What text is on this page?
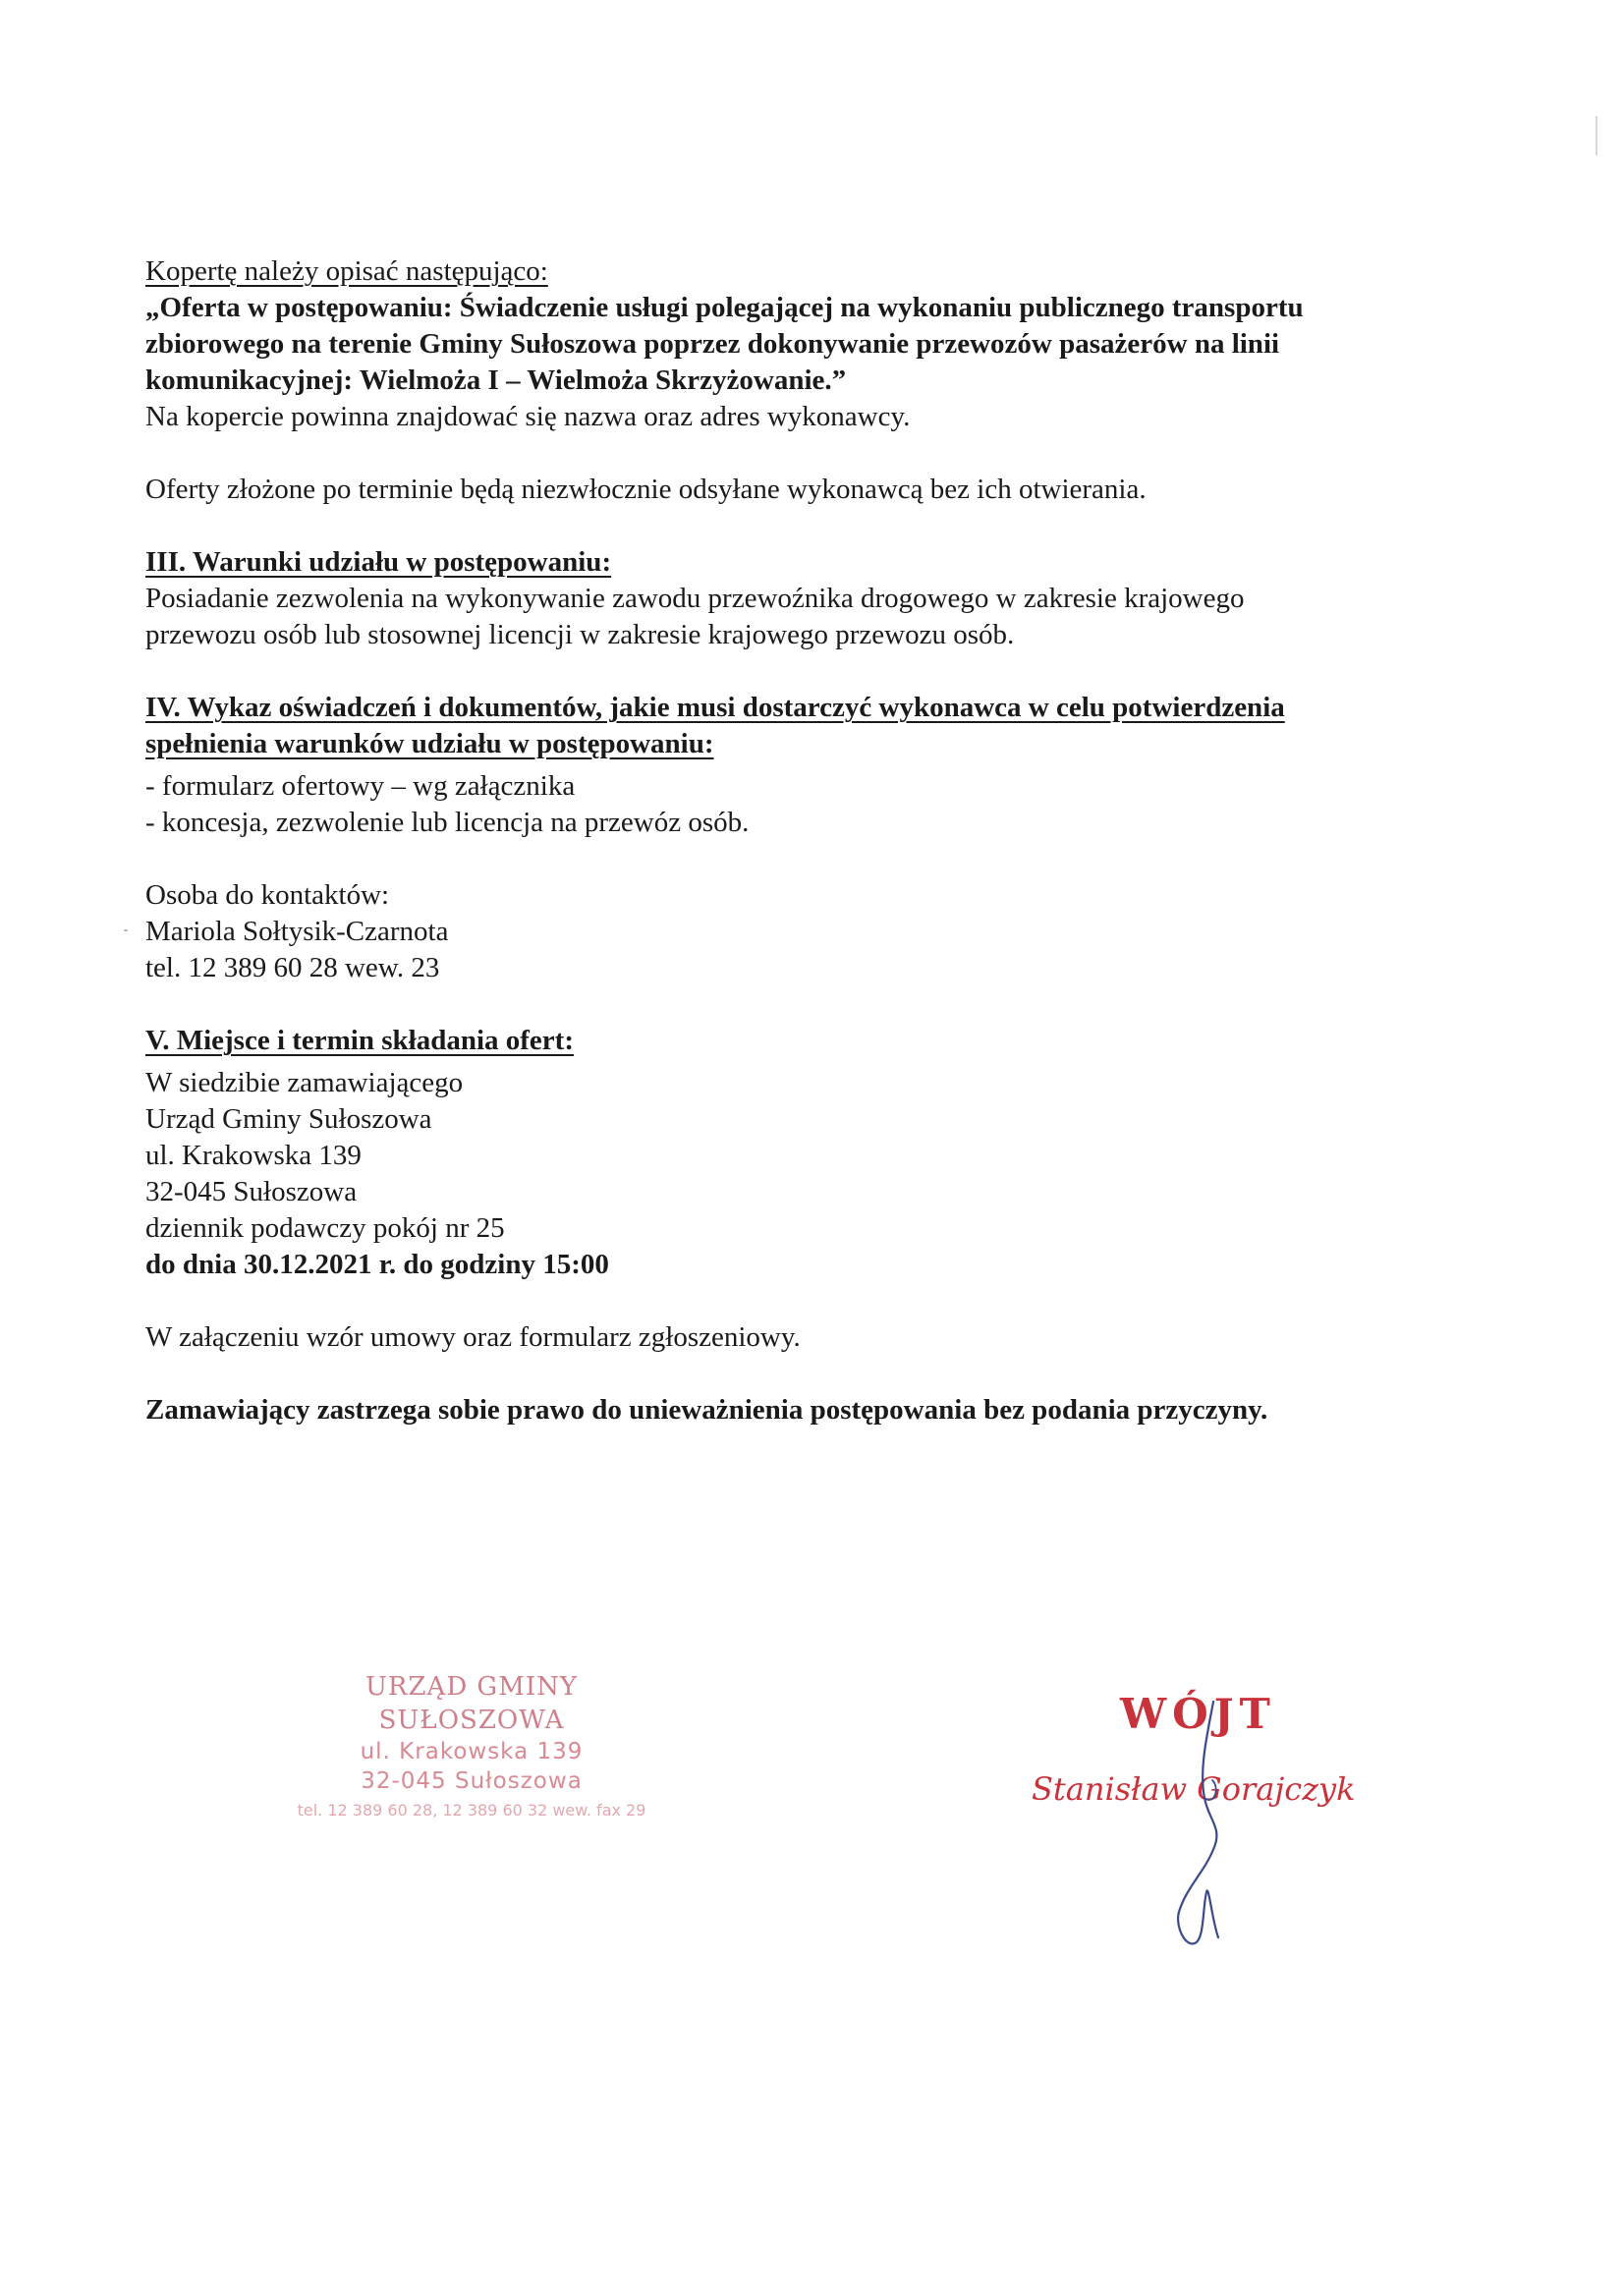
Kopertę należy opisać następująco:

„Oferta w postępowaniu: Świadczenie usługi polegającej na wykonaniu publicznego transportu

zbiorowego na terenie Gminy Sułoszowa poprzez dokonywanie przewozów pasażerów na linii

komunikacyjnej: Wielmoża I – Wielmoża Skrzyżowanie.”

Na kopercie powinna znajdować się nazwa oraz adres wykonawcy.

Oferty złożone po terminie będą niezwłocznie odsyłane wykonawcą bez ich otwierania.

III. Warunki udziału w postępowaniu:

Posiadanie zezwolenia na wykonywanie zawodu przewoźnika drogowego w zakresie krajowego

przewozu osób lub stosownej licencji w zakresie krajowego przewozu osób.

IV. Wykaz oświadczeń i dokumentów, jakie musi dostarczyć wykonawca w celu potwierdzenia

spełnienia warunków udziału w postępowaniu:

- formularz ofertowy – wg załącznika

- koncesja, zezwolenie lub licencja na przewóz osób.

Osoba do kontaktów:

Mariola Sołtysik-Czarnota

tel. 12 389 60 28 wew. 23

V. Miejsce i termin składania ofert:

W siedzibie zamawiającego

Urząd Gminy Sułoszowa

ul. Krakowska 139

32-045 Sułoszowa

dziennik podawczy pokój nr 25

do dnia 30.12.2021 r. do godziny 15:00

W załączeniu wzór umowy oraz formularz zgłoszeniowy.

Zamawiający zastrzega sobie prawo do unieważnienia postępowania bez podania przyczyny.

URZĄD GMINY SUŁOSZOWA
ul. Krakowska 139
32-045 Sułoszowa
tel. 12 389 60 28, 12 389 60 32 wew. fax 29
WÓJT
Stanisław Gorajczyk
